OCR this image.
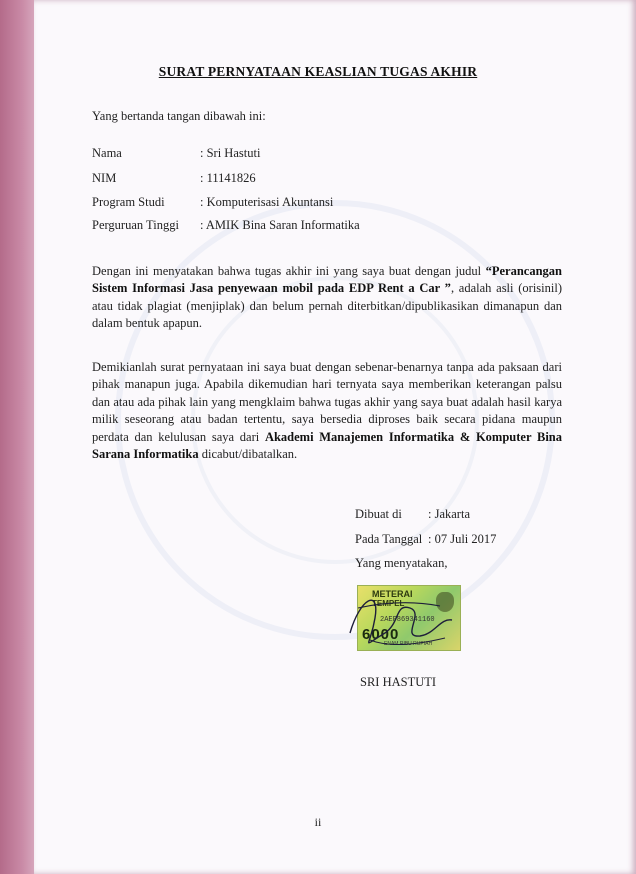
SURAT PERNYATAAN KEASLIAN TUGAS AKHIR
Yang bertanda tangan dibawah ini:
Nama	: Sri Hastuti
NIM	: 11141826
Program Studi	: Komputerisasi Akuntansi
Perguruan Tinggi : AMIK Bina Saran Informatika
Dengan ini menyatakan bahwa tugas akhir ini yang saya buat dengan judul “Perancangan Sistem Informasi Jasa penyewaan mobil pada EDP Rent a Car ”, adalah asli (orisinil) atau tidak plagiat (menjiplak) dan belum pernah diterbitkan/dipublikasikan dimanapun dan dalam bentuk apapun.
Demikianlah surat pernyataan ini saya buat dengan sebenar-benarnya tanpa ada paksaan dari pihak manapun juga. Apabila dikemudian hari ternyata saya memberikan keterangan palsu dan atau ada pihak lain yang mengklaim bahwa tugas akhir yang saya buat adalah hasil karya milik seseorang atau badan tertentu, saya bersedia diproses baik secara pidana maupun perdata dan kelulusan saya dari Akademi Manajemen Informatika & Komputer Bina Sarana Informatika dicabut/dibatalkan.
Dibuat di : Jakarta
Pada Tanggal : 07 Juli 2017
Yang menyatakan,
METERAI
TEMPEL
2AEF869341160
6000
ENAM RIBU RUPIAH
SRI HASTUTI
ii
